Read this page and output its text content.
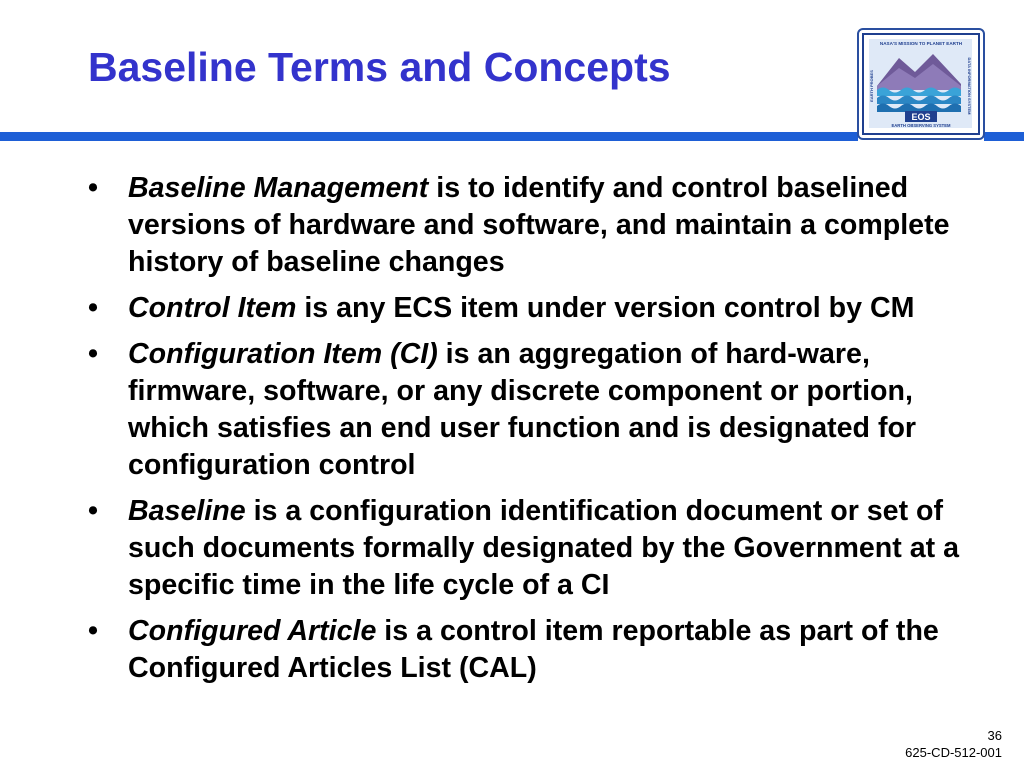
Baseline Terms and Concepts
NASA'S MISSION TO PLANET EARTH
EARTH PROBES	DATA INFORMATION SYSTEM
EOS
EARTH OBSERVING SYSTEM
• Baseline Management is to identify and control baselined versions of hardware and software, and maintain a complete history of baseline changes
• Control Item is any ECS item under version control by CM
• Configuration Item (CI) is an aggregation of hard-ware, firmware, software, or any discrete component or portion, which satisfies an end user function and is designated for configuration control
• Baseline is a configuration identification document or set of such documents formally designated by the Government at a specific time in the life cycle of a CI
• Configured Article is a control item reportable as part of the Configured Articles List (CAL)
36
625-CD-512-001
